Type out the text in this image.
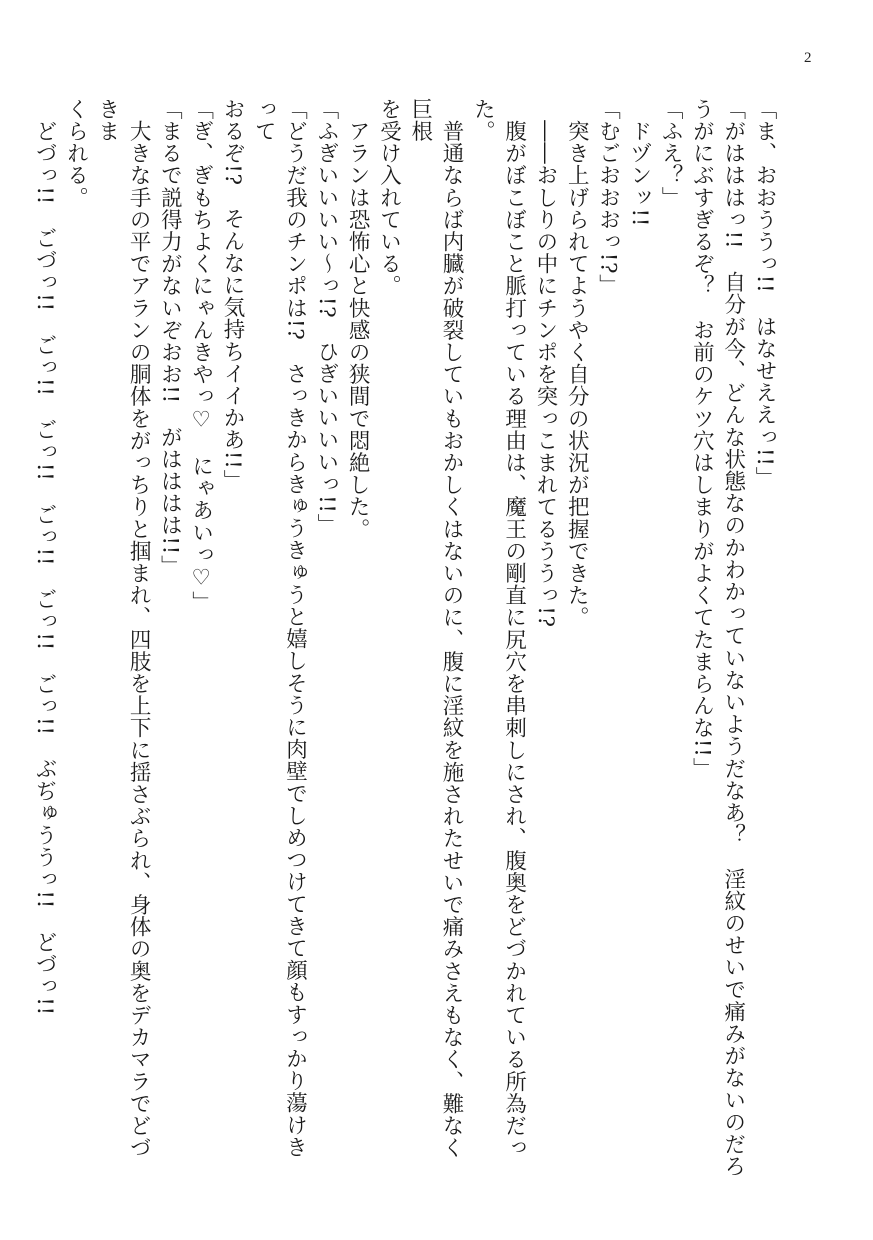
2

「ま、おおううっ!!　はなせええっ!!」

「がはははっ!!　自分が今、どんな状態なのかわかっていないようだなあ？　淫紋のせいで痛みがないのだろ

うがにぶすぎるぞ？　お前のケツ穴はしまりがよくてたまらんな!!」

「ふえ？」

　ドヅンッ!!

「むごおおおっ!?」

　突き上げられてようやく自分の状況が把握できた。

　――おしりの中にチンポを突っこまれてるううっ!?

　腹がぼこぼこと脈打っている理由は、魔王の剛直に尻穴を串刺しにされ、腹奥をどづかれている所為だった。

　普通ならば内臓が破裂していもおかしくはないのに、腹に淫紋を施されたせいで痛みさえもなく、難なく巨根

を受け入れている。

　アランは恐怖心と快感の狭間で悶絶した。

「ふぎいいいい〜っ!?　ひぎいいいいっ!!」

「どうだ我のチンポは!?　さっきからきゅうきゅうと嬉しそうに肉壁でしめつけてきて顔もすっかり蕩けきって

おるぞ!?　そんなに気持ちイイかあ!!」

「ぎ、ぎもちよくにゃんきやっ♡　にゃあいっ♡」

「まるで説得力がないぞおお!!　がはははは!!」

　大きな手の平でアランの胴体をがっちりと掴まれ、四肢を上下に揺さぶられ、身体の奥をデカマラでどづきま

くられる。

　どづっ!!　ごづっ!!　ごっ!!　ごっ!!　ごっ!!　ごっ!!　ごっ!!　ぶぢゅううっ!!　どづっ!!
